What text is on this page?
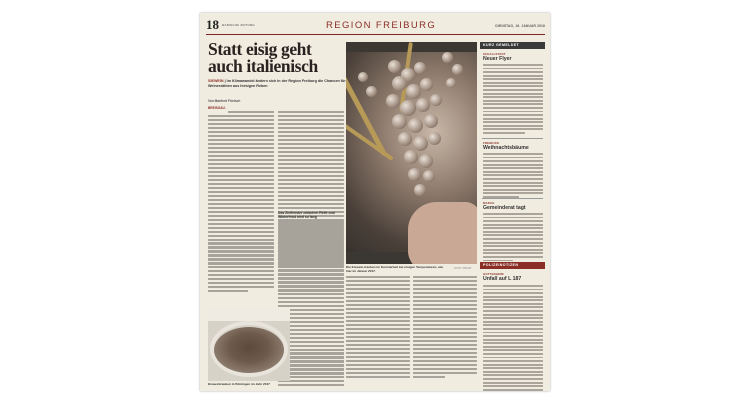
18 BADISCHE ZEITUNG	REGION FREIBURG	DIENSTAG, 16. JANUAR 2018
Statt eisig geht
auch italienisch
SIEWEIN | Im Klimawandel ändern sich in der Region Freiburg die Chancen für Weinerzähten aus hiesigen Reben
Von Manfred Frietsch
BREISGAU.
Das Zielfenster zwischen Reife und Winterfrost wird so lang
Die Eiswein-trauben im Kunstarbeit bei einigen Temperaturen, wie hier im Januar 2017.
FOTO: PRIVAT
Eisweintrauben in Bötzingen im Jahr 2017
KURZ GEMELDET
SCHALLSTADT
Neuer Flyer
FREIBURG
Weihnachtsbäume
MARCH
Gemeinderat tagt
POLIZEINOTIZEN
GOTTENHEIM
Unfall auf L 187
